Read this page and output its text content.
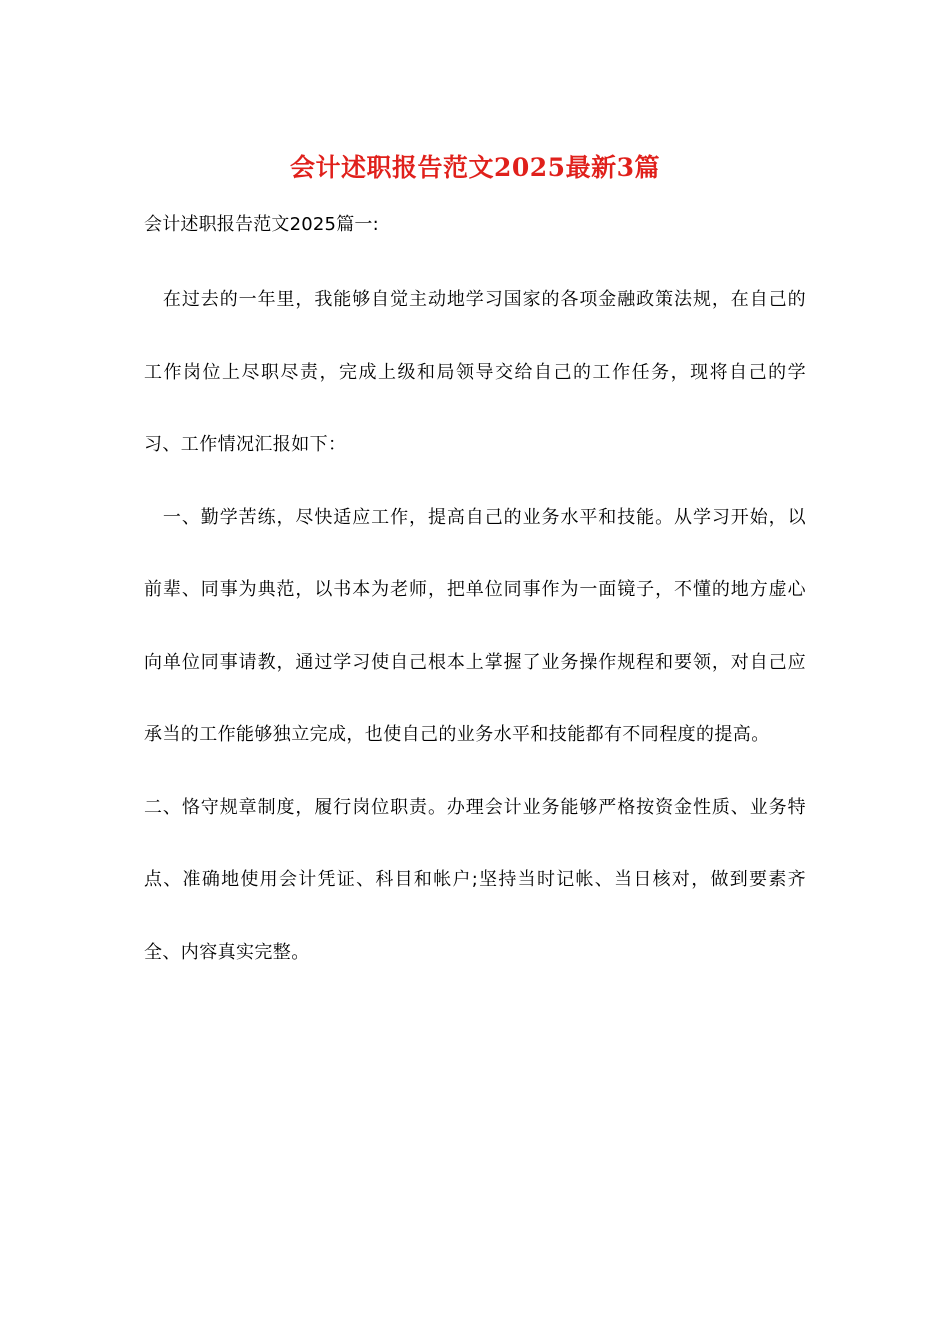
会计述职报告范文2025最新3篇
会计述职报告范文2025篇一:

　在过去的一年里，我能够自觉主动地学习国家的各项金融政策法规，在自己的工作岗位上尽职尽责，完成上级和局领导交给自己的工作任务，现将自己的学习、工作情况汇报如下：

　一、勤学苦练，尽快适应工作，提高自己的业务水平和技能。从学习开始，以前辈、同事为典范，以书本为老师，把单位同事作为一面镜子，不懂的地方虚心向单位同事请教，通过学习使自己根本上掌握了业务操作规程和要领，对自己应承当的工作能够独立完成，也使自己的业务水平和技能都有不同程度的提高。

二、恪守规章制度，履行岗位职责。办理会计业务能够严格按资金性质、业务特点、准确地使用会计凭证、科目和帐户;坚持当时记帐、当日核对，做到要素齐全、内容真实完整。
